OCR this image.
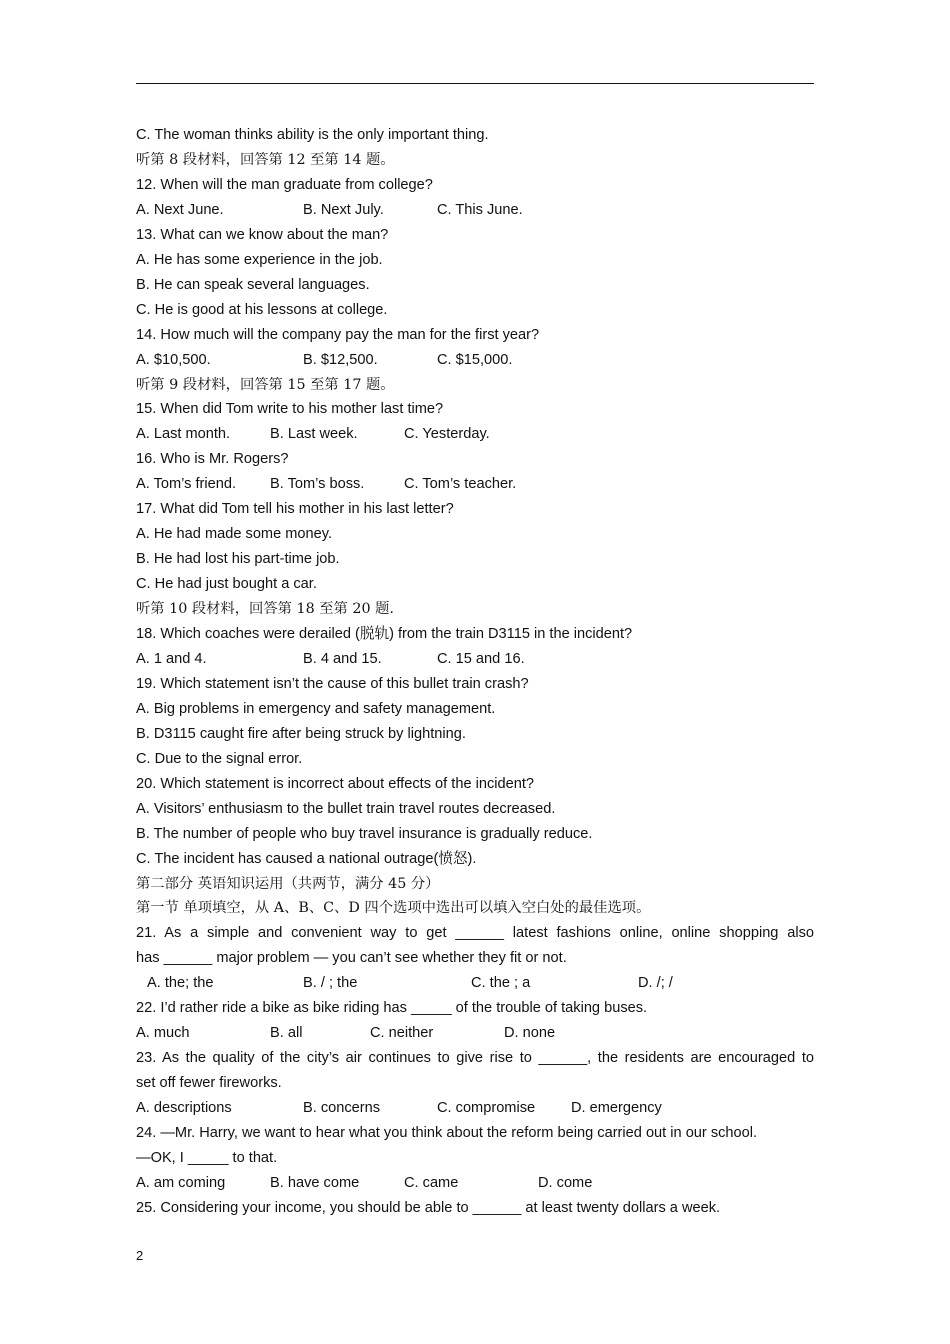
C. The woman thinks ability is the only important thing.
听第 8 段材料，回答第 12 至第 14 题。
12. When will the man graduate from college?
A. Next June.	B. Next July.	C. This June.
13. What can we know about the man?
A. He has some experience in the job.
B. He can speak several languages.
C. He is good at his lessons at college.
14. How much will the company pay the man for the first year?
A. $10,500.	B. $12,500.	C. $15,000.
听第 9 段材料，回答第 15 至第 17 题。
15. When did Tom write to his mother last time?
A. Last month.	B. Last week.	C. Yesterday.
16. Who is Mr. Rogers?
A. Tom’s friend. B. Tom’s boss.	C. Tom’s teacher.
17. What did Tom tell his mother in his last letter?
A. He had made some money.
B. He had lost his part-time job.
C. He had just bought a car.
听第 10 段材料，回答第 18 至第 20 题.
18. Which coaches were derailed (脱轨) from the train D3115 in the incident?
A. 1 and 4.	B. 4 and 15.	C. 15 and 16.
19. Which statement isn’t the cause of this bullet train crash?
A. Big problems in emergency and safety management.
B. D3115 caught fire after being struck by lightning.
C. Due to the signal error.
20. Which statement is incorrect about effects of the incident?
A. Visitors’ enthusiasm to the bullet train travel routes decreased.
B. The number of people who buy travel insurance is gradually reduce.
C. The incident has caused a national outrage(愤怒).
第二部分 英语知识运用（共两节，满分 45 分）
第一节 单项填空，从 A、B、C、D 四个选项中选出可以填入空白处的最佳选项。
21. As a simple and convenient way to get ______ latest fashions online, online shopping also
has ______ major problem — you can’t see whether they fit or not.
A. the; the	B. / ; the	C. the ; a	D. /; /
22. I’d rather ride a bike as bike riding has _____ of the trouble of taking buses.
A. much	B. all	C. neither	D. none
23. As the quality of the city’s air continues to give rise to ______, the residents are encouraged to
set off fewer fireworks.
A. descriptions	B. concerns	C. compromise D. emergency
24. —Mr. Harry, we want to hear what you think about the reform being carried out in our school.
—OK, I _____ to that.
A. am coming	B. have come	C. came	D. come
25. Considering your income, you should be able to ______ at least twenty dollars a week.
2
